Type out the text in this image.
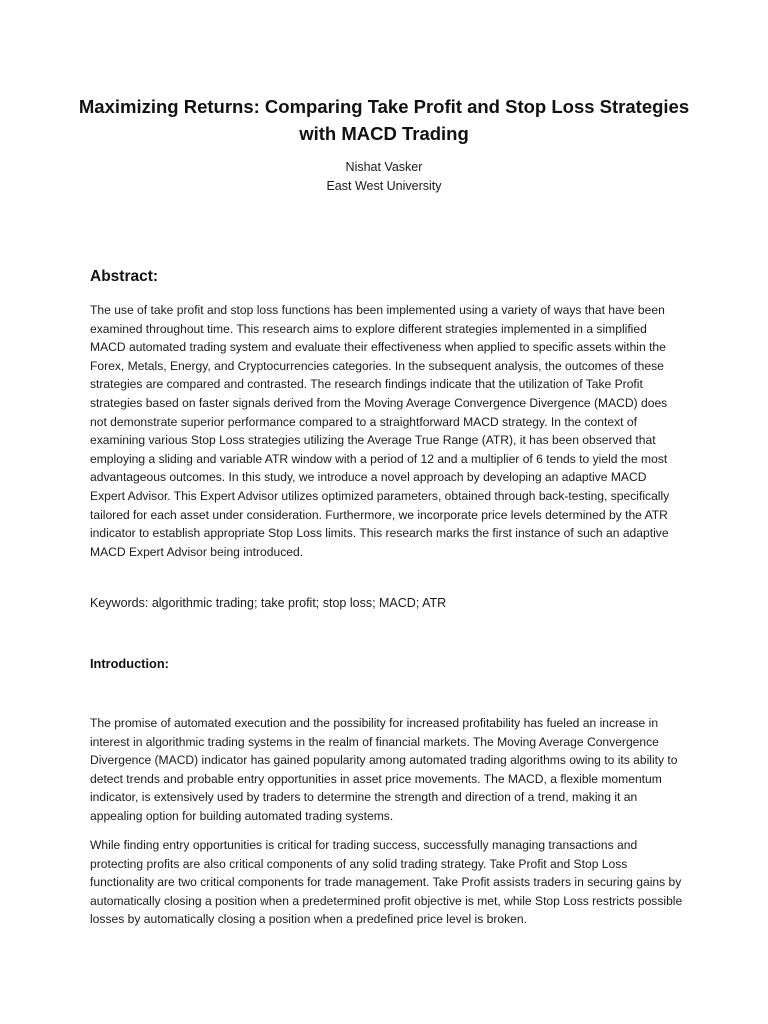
Maximizing Returns: Comparing Take Profit and Stop Loss Strategies with MACD Trading
Nishat Vasker
East West University
Abstract:

The use of take profit and stop loss functions has been implemented using a variety of ways that have been examined throughout time. This research aims to explore different strategies implemented in a simplified MACD automated trading system and evaluate their effectiveness when applied to specific assets within the Forex, Metals, Energy, and Cryptocurrencies categories. In the subsequent analysis, the outcomes of these strategies are compared and contrasted. The research findings indicate that the utilization of Take Profit strategies based on faster signals derived from the Moving Average Convergence Divergence (MACD) does not demonstrate superior performance compared to a straightforward MACD strategy. In the context of examining various Stop Loss strategies utilizing the Average True Range (ATR), it has been observed that employing a sliding and variable ATR window with a period of 12 and a multiplier of 6 tends to yield the most advantageous outcomes. In this study, we introduce a novel approach by developing an adaptive MACD Expert Advisor. This Expert Advisor utilizes optimized parameters, obtained through back-testing, specifically tailored for each asset under consideration. Furthermore, we incorporate price levels determined by the ATR indicator to establish appropriate Stop Loss limits. This research marks the first instance of such an adaptive MACD Expert Advisor being introduced.

Keywords: algorithmic trading; take profit; stop loss; MACD; ATR
Introduction:

The promise of automated execution and the possibility for increased profitability has fueled an increase in interest in algorithmic trading systems in the realm of financial markets. The Moving Average Convergence Divergence (MACD) indicator has gained popularity among automated trading algorithms owing to its ability to detect trends and probable entry opportunities in asset price movements. The MACD, a flexible momentum indicator, is extensively used by traders to determine the strength and direction of a trend, making it an appealing option for building automated trading systems.

While finding entry opportunities is critical for trading success, successfully managing transactions and protecting profits are also critical components of any solid trading strategy. Take Profit and Stop Loss functionality are two critical components for trade management. Take Profit assists traders in securing gains by automatically closing a position when a predetermined profit objective is met, while Stop Loss restricts possible losses by automatically closing a position when a predefined price level is broken.
